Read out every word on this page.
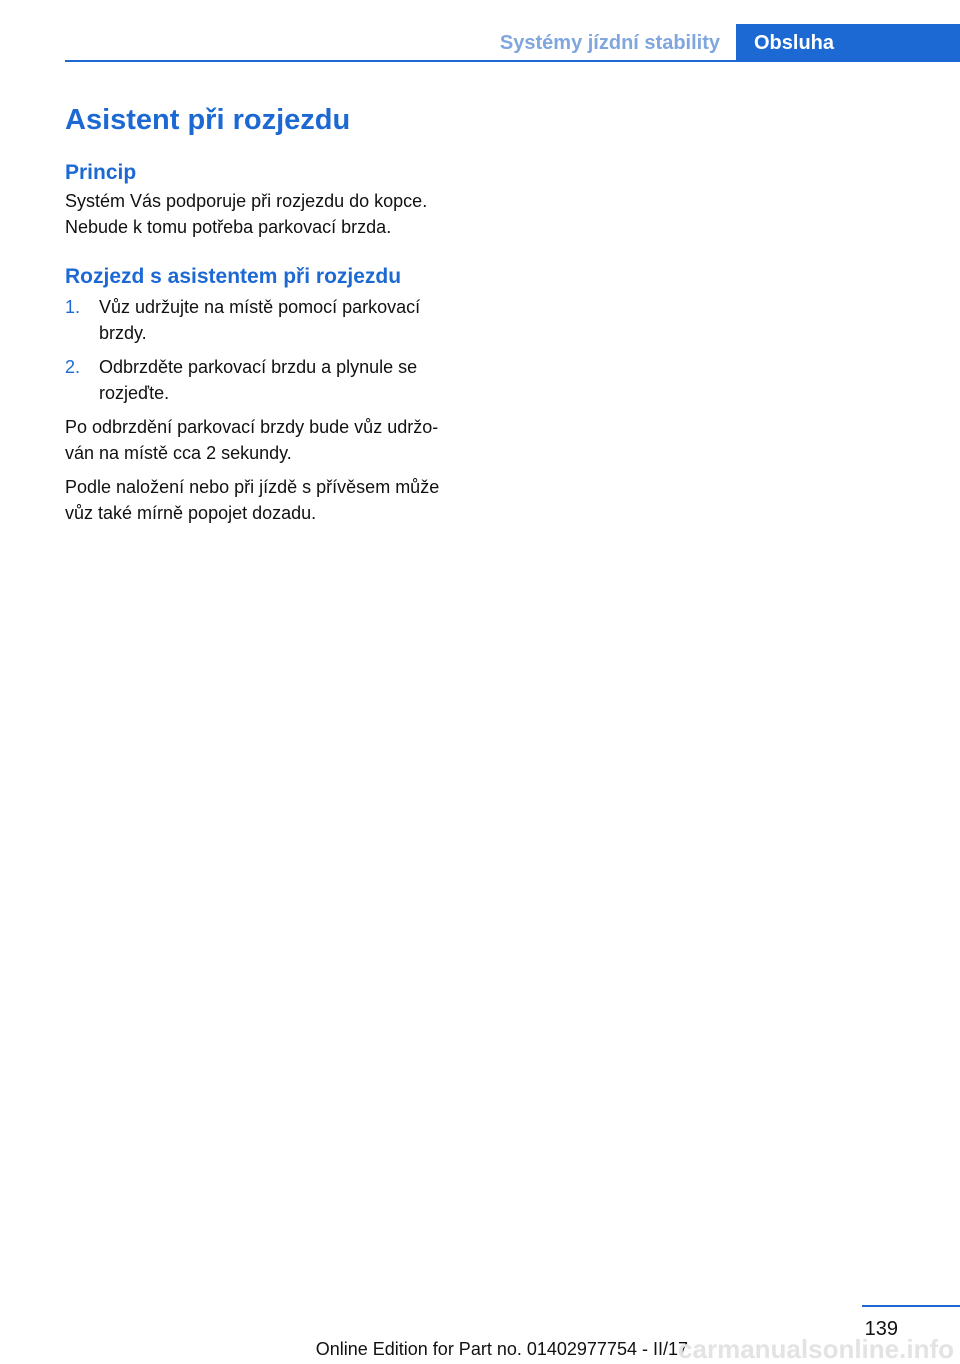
Systémy jízdní stability	Obsluha
Asistent při rozjezdu
Princip

Systém Vás podporuje při rozjezdu do kopce.
Nebude k tomu potřeba parkovací brzda.

Rozjezd s asistentem při rozjezdu
1. Vůz udržujte na místě pomocí parkovací
brzdy.
2. Odbrzděte parkovací brzdu a plynule se
rozjeďte.

Po odbrzdění parkovací brzdy bude vůz udržo‐
ván na místě cca 2 sekundy.

Podle naložení nebo při jízdě s přívěsem může
vůz také mírně popojet dozadu.

139
Online Edition for Part no. 01402977754 - II/17
carmanualsonline.info
